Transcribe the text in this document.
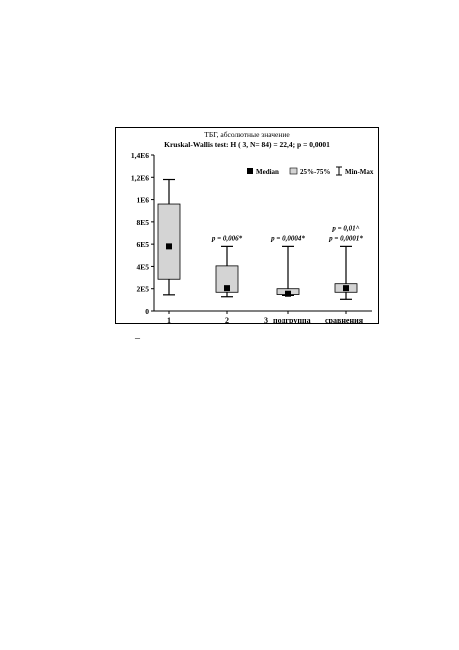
ТБГ, абсолютные значение
Kruskal-Wallis test: H ( 3, N= 84) = 22,4; p = 0,0001
0
2E5
4E5
6E5
8E5
1E6
1,2E6
1,4E6
p = 0,006*	p = 0,0004*
p = 0,01^
p = 0,0001*
1	2	3 подгруппа сравнения
Median	25%-75% Min-Max
–
